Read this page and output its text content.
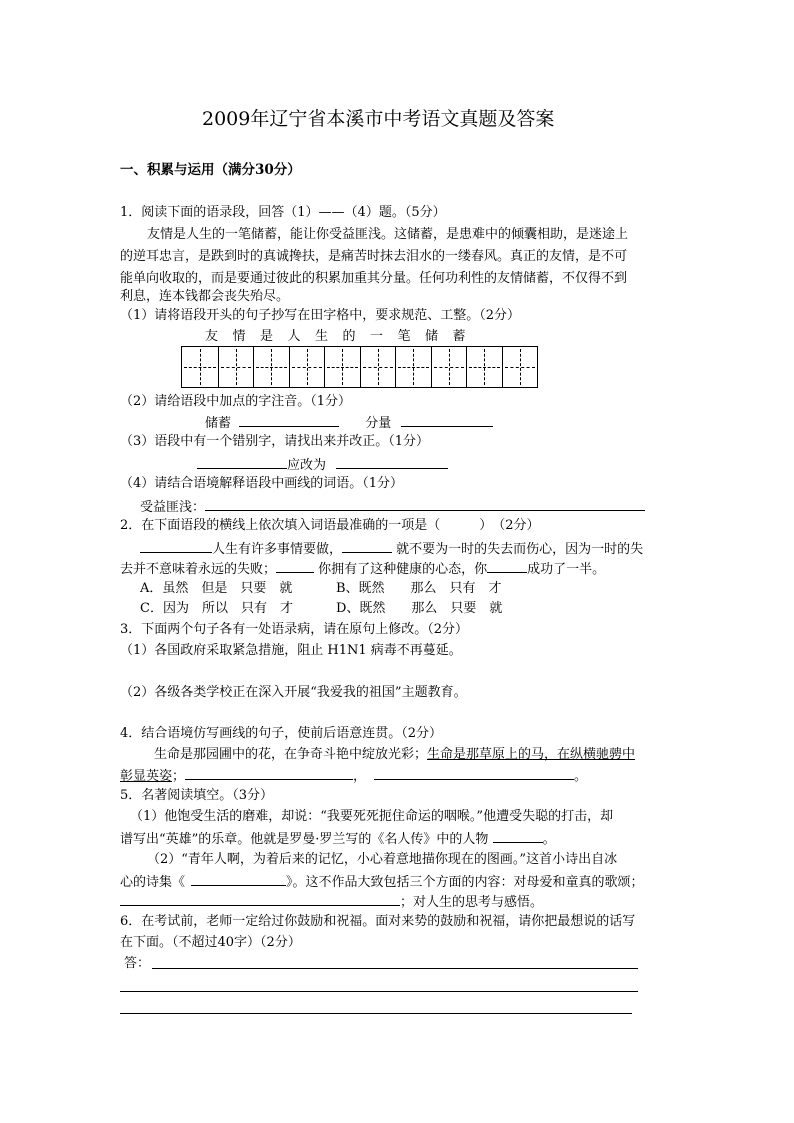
2009年辽宁省本溪市中考语文真题及答案
一、积累与运用（满分30分）
1．阅读下面的语录段，回答（1）——（4）题。（5分）
友情是人生的一笔储蓄，能让你受益匪浅。这储蓄，是患难中的倾囊相助，是迷途上
的逆耳忠言，是跌到时的真诚搀扶，是痛苦时抹去泪水的一缕春风。真正的友情，是不可
能单向收取的，而是要通过彼此的积累加重其分量。任何功利性的友情储蓄，不仅得不到
利息，连本钱都会丧失殆尽。
（1）请将语段开头的句子抄写在田字格中，要求规范、工整。（2分）
友情是人生的一笔储蓄
（2）请给语段中加点的字注音。（1分）
储蓄	分量
（3）语段中有一个错别字，请找出来并改正。（1分）
应改为
（4）请结合语境解释语段中画线的词语。（1分）
受益匪浅：
2．在下面语段的横线上依次填入词语最准确的一项是（　　　）　（2分）
人生有许多事情要做，	就不要为一时的失去而伤心，因为一时的失
去并不意味着永远的失败；	你拥有了这种健康的心态，你	成功了一半。
A．虽然　但是　只要　就	B、既然　　那么　只有　才
C．因为　所以　只有　才	D、既然　　那么　只要　就
3．下面两个句子各有一处语录病，请在原句上修改。（2分）
（1）各国政府采取紧急措施，阻止 H1N1 病毒不再蔓延。
（2）各级各类学校正在深入开展“我爱我的祖国”主题教育。
4．结合语境仿写画线的句子，使前后语意连贯。（2分）
生命是那园圃中的花，在争奇斗艳中绽放光彩；生命是那草原上的马，在纵横驰骋中
彰显英姿；	，	。
5．名著阅读填空。（3分）
（1）他饱受生活的磨难，却说：“我要死死扼住命运的咽喉。”他遭受失聪的打击，却
谱写出“英雄”的乐章。他就是罗曼·罗兰写的《名人传》中的人物	。
（2）“青年人啊，为着后来的记忆，小心着意地描你现在的图画。”这首小诗出自冰
心的诗集《	》。这不作品大致包括三个方面的内容：对母爱和童真的歌颂；
；对人生的思考与感悟。
6．在考试前，老师一定给过你鼓励和祝福。面对来势的鼓励和祝福，请你把最想说的话写
在下面。（不超过40字）（2分）
答：
